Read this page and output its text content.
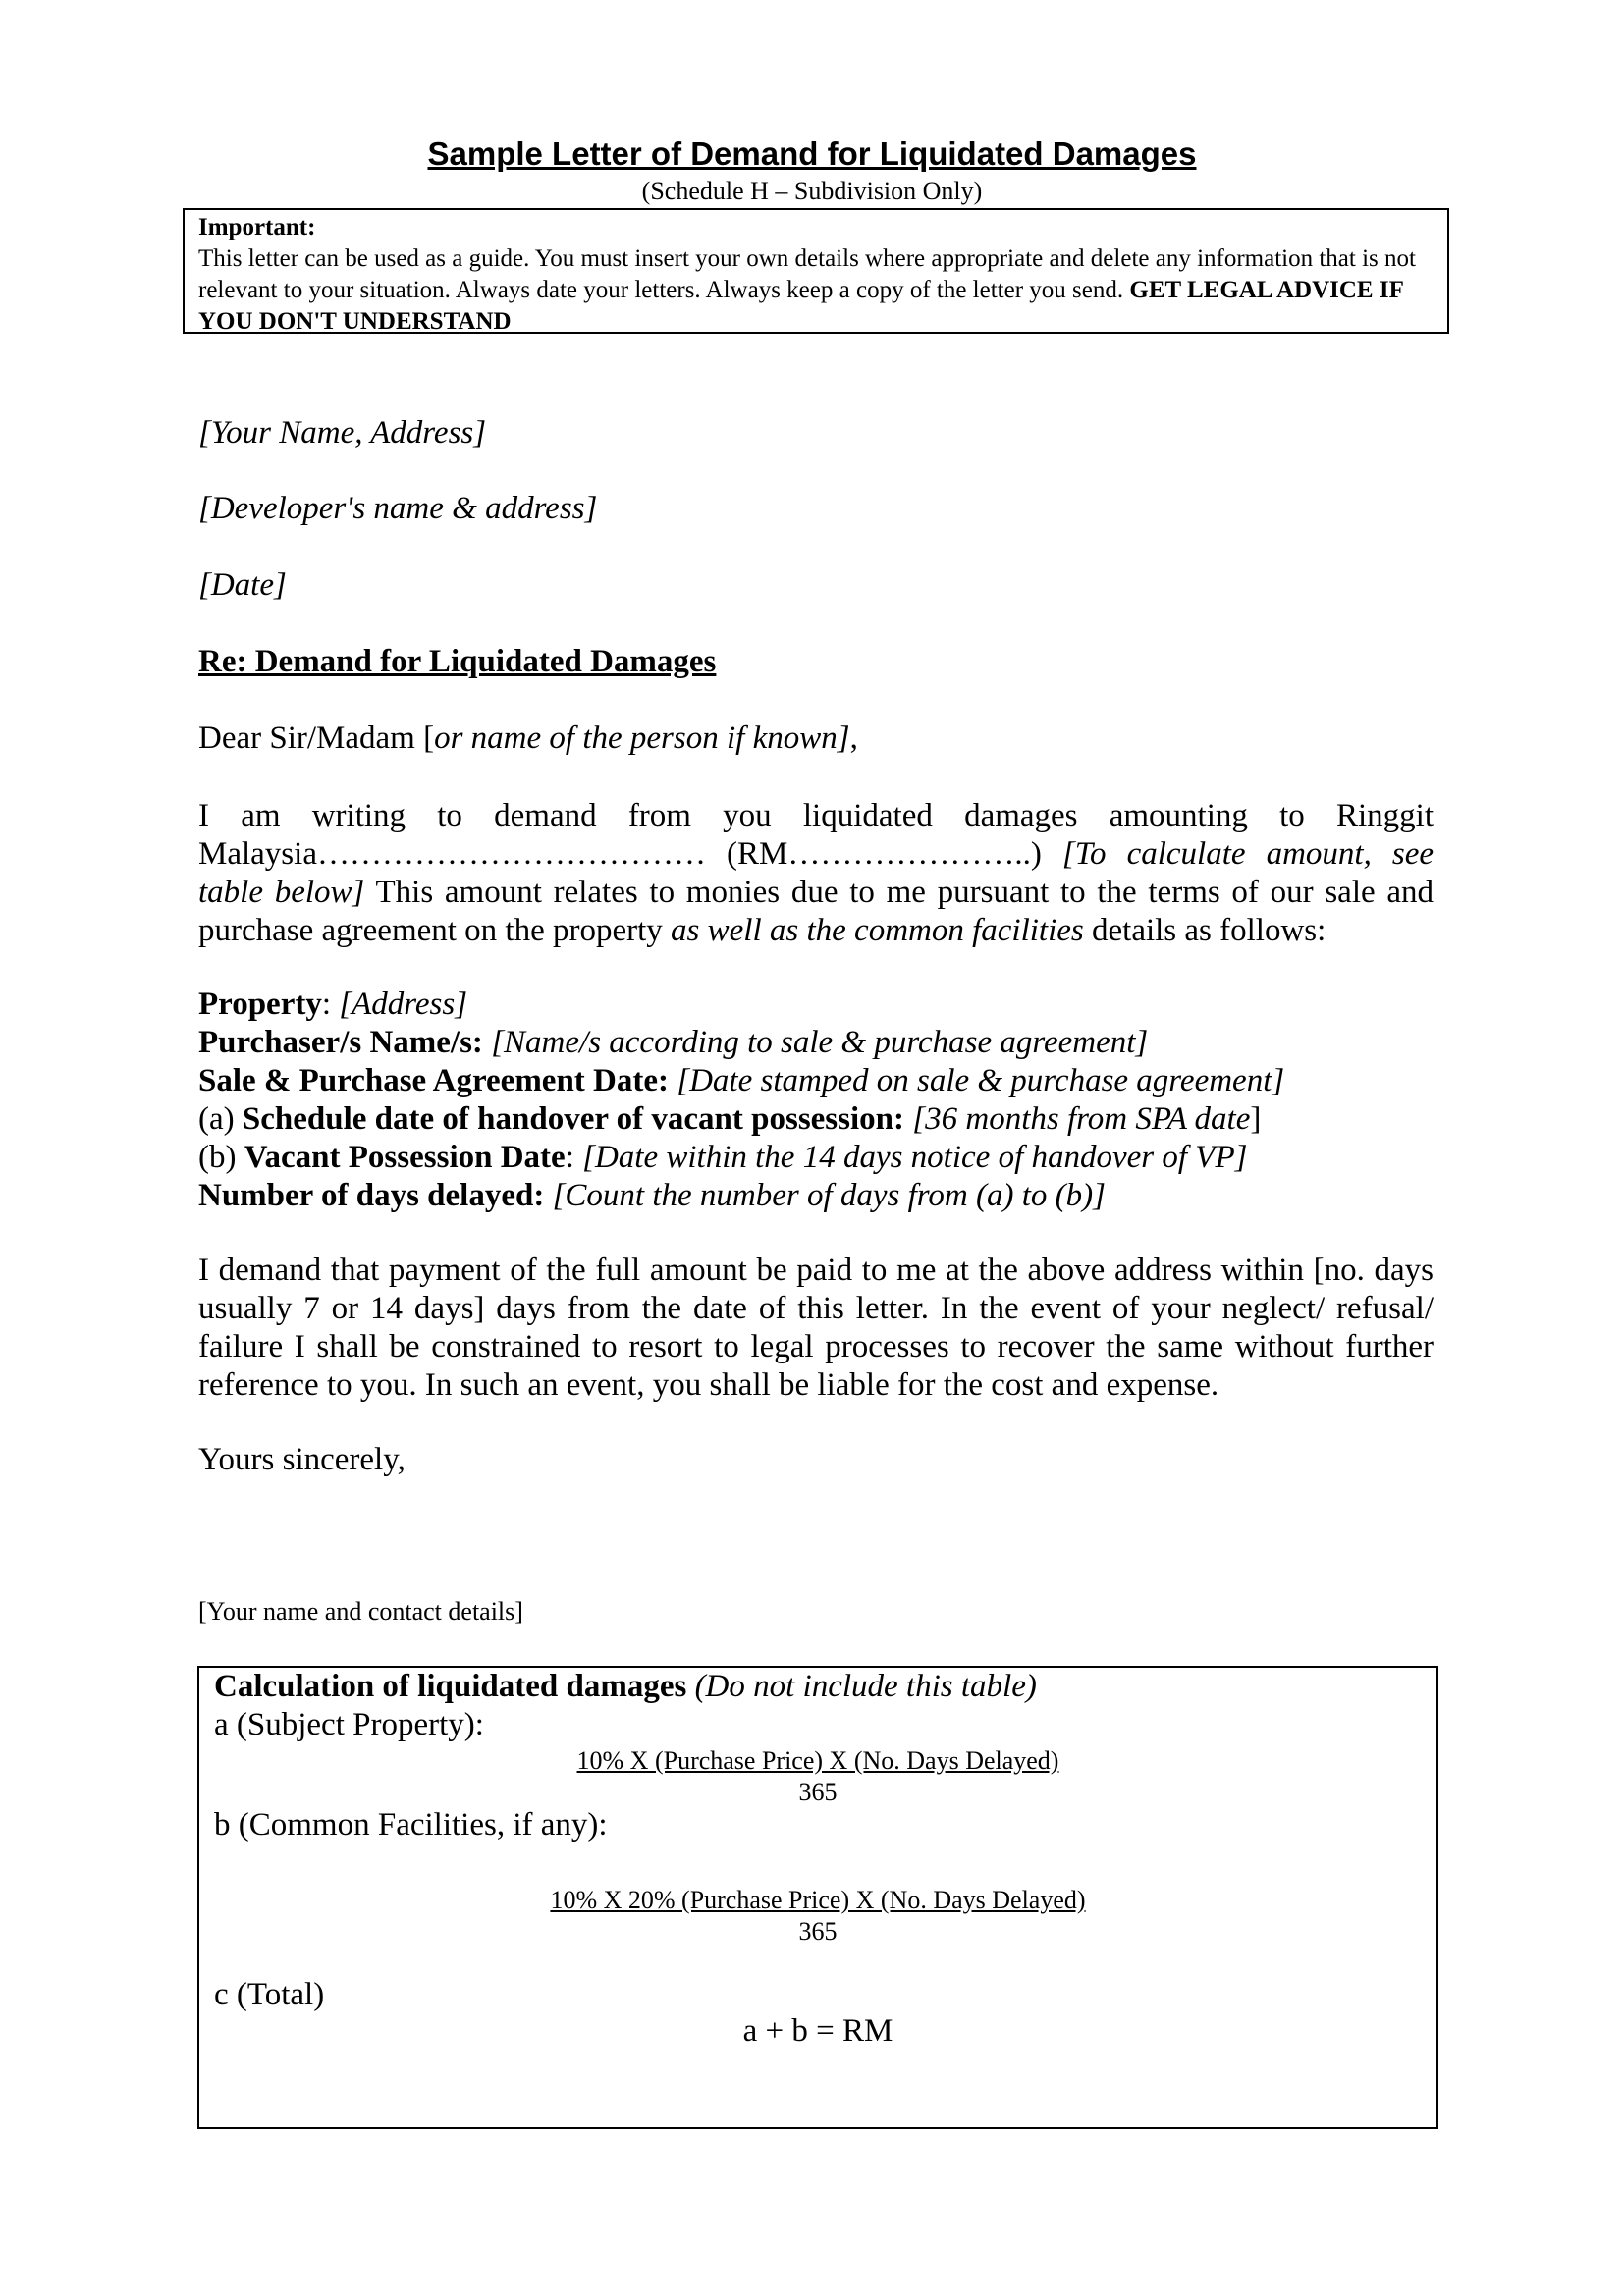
Sample Letter of Demand for Liquidated Damages
(Schedule H – Subdivision Only)
Important:
This letter can be used as a guide. You must insert your own details where appropriate and delete any information that is not relevant to your situation. Always date your letters. Always keep a copy of the letter you send. GET LEGAL ADVICE IF YOU DON'T UNDERSTAND
[Your Name, Address]
[Developer's name & address]
[Date]
Re: Demand for Liquidated Damages
Dear Sir/Madam [or name of the person if known],
I am writing to demand from you liquidated damages amounting to Ringgit
Malaysia……………………………… (RM…………………..) [To calculate amount, see
table below] This amount relates to monies due to me pursuant to the terms of our sale and
purchase agreement on the property as well as the common facilities details as follows:
Property: [Address]
Purchaser/s Name/s: [Name/s according to sale & purchase agreement]
Sale & Purchase Agreement Date: [Date stamped on sale & purchase agreement]
(a) Schedule date of handover of vacant possession: [36 months from SPA date]
(b) Vacant Possession Date: [Date within the 14 days notice of handover of VP]
Number of days delayed: [Count the number of days from (a) to (b)]
I demand that payment of the full amount be paid to me at the above address within [no. days usually 7 or 14 days] days from the date of this letter. In the event of your neglect/ refusal/ failure I shall be constrained to resort to legal processes to recover the same without further reference to you. In such an event, you shall be liable for the cost and expense.
Yours sincerely,
[Your name and contact details]
Calculation of liquidated damages (Do not include this table)
a (Subject Property):
10% X (Purchase Price) X (No. Days Delayed)
365
b (Common Facilities, if any):
10% X 20% (Purchase Price) X (No. Days Delayed)
365
c (Total)
a + b = RM
